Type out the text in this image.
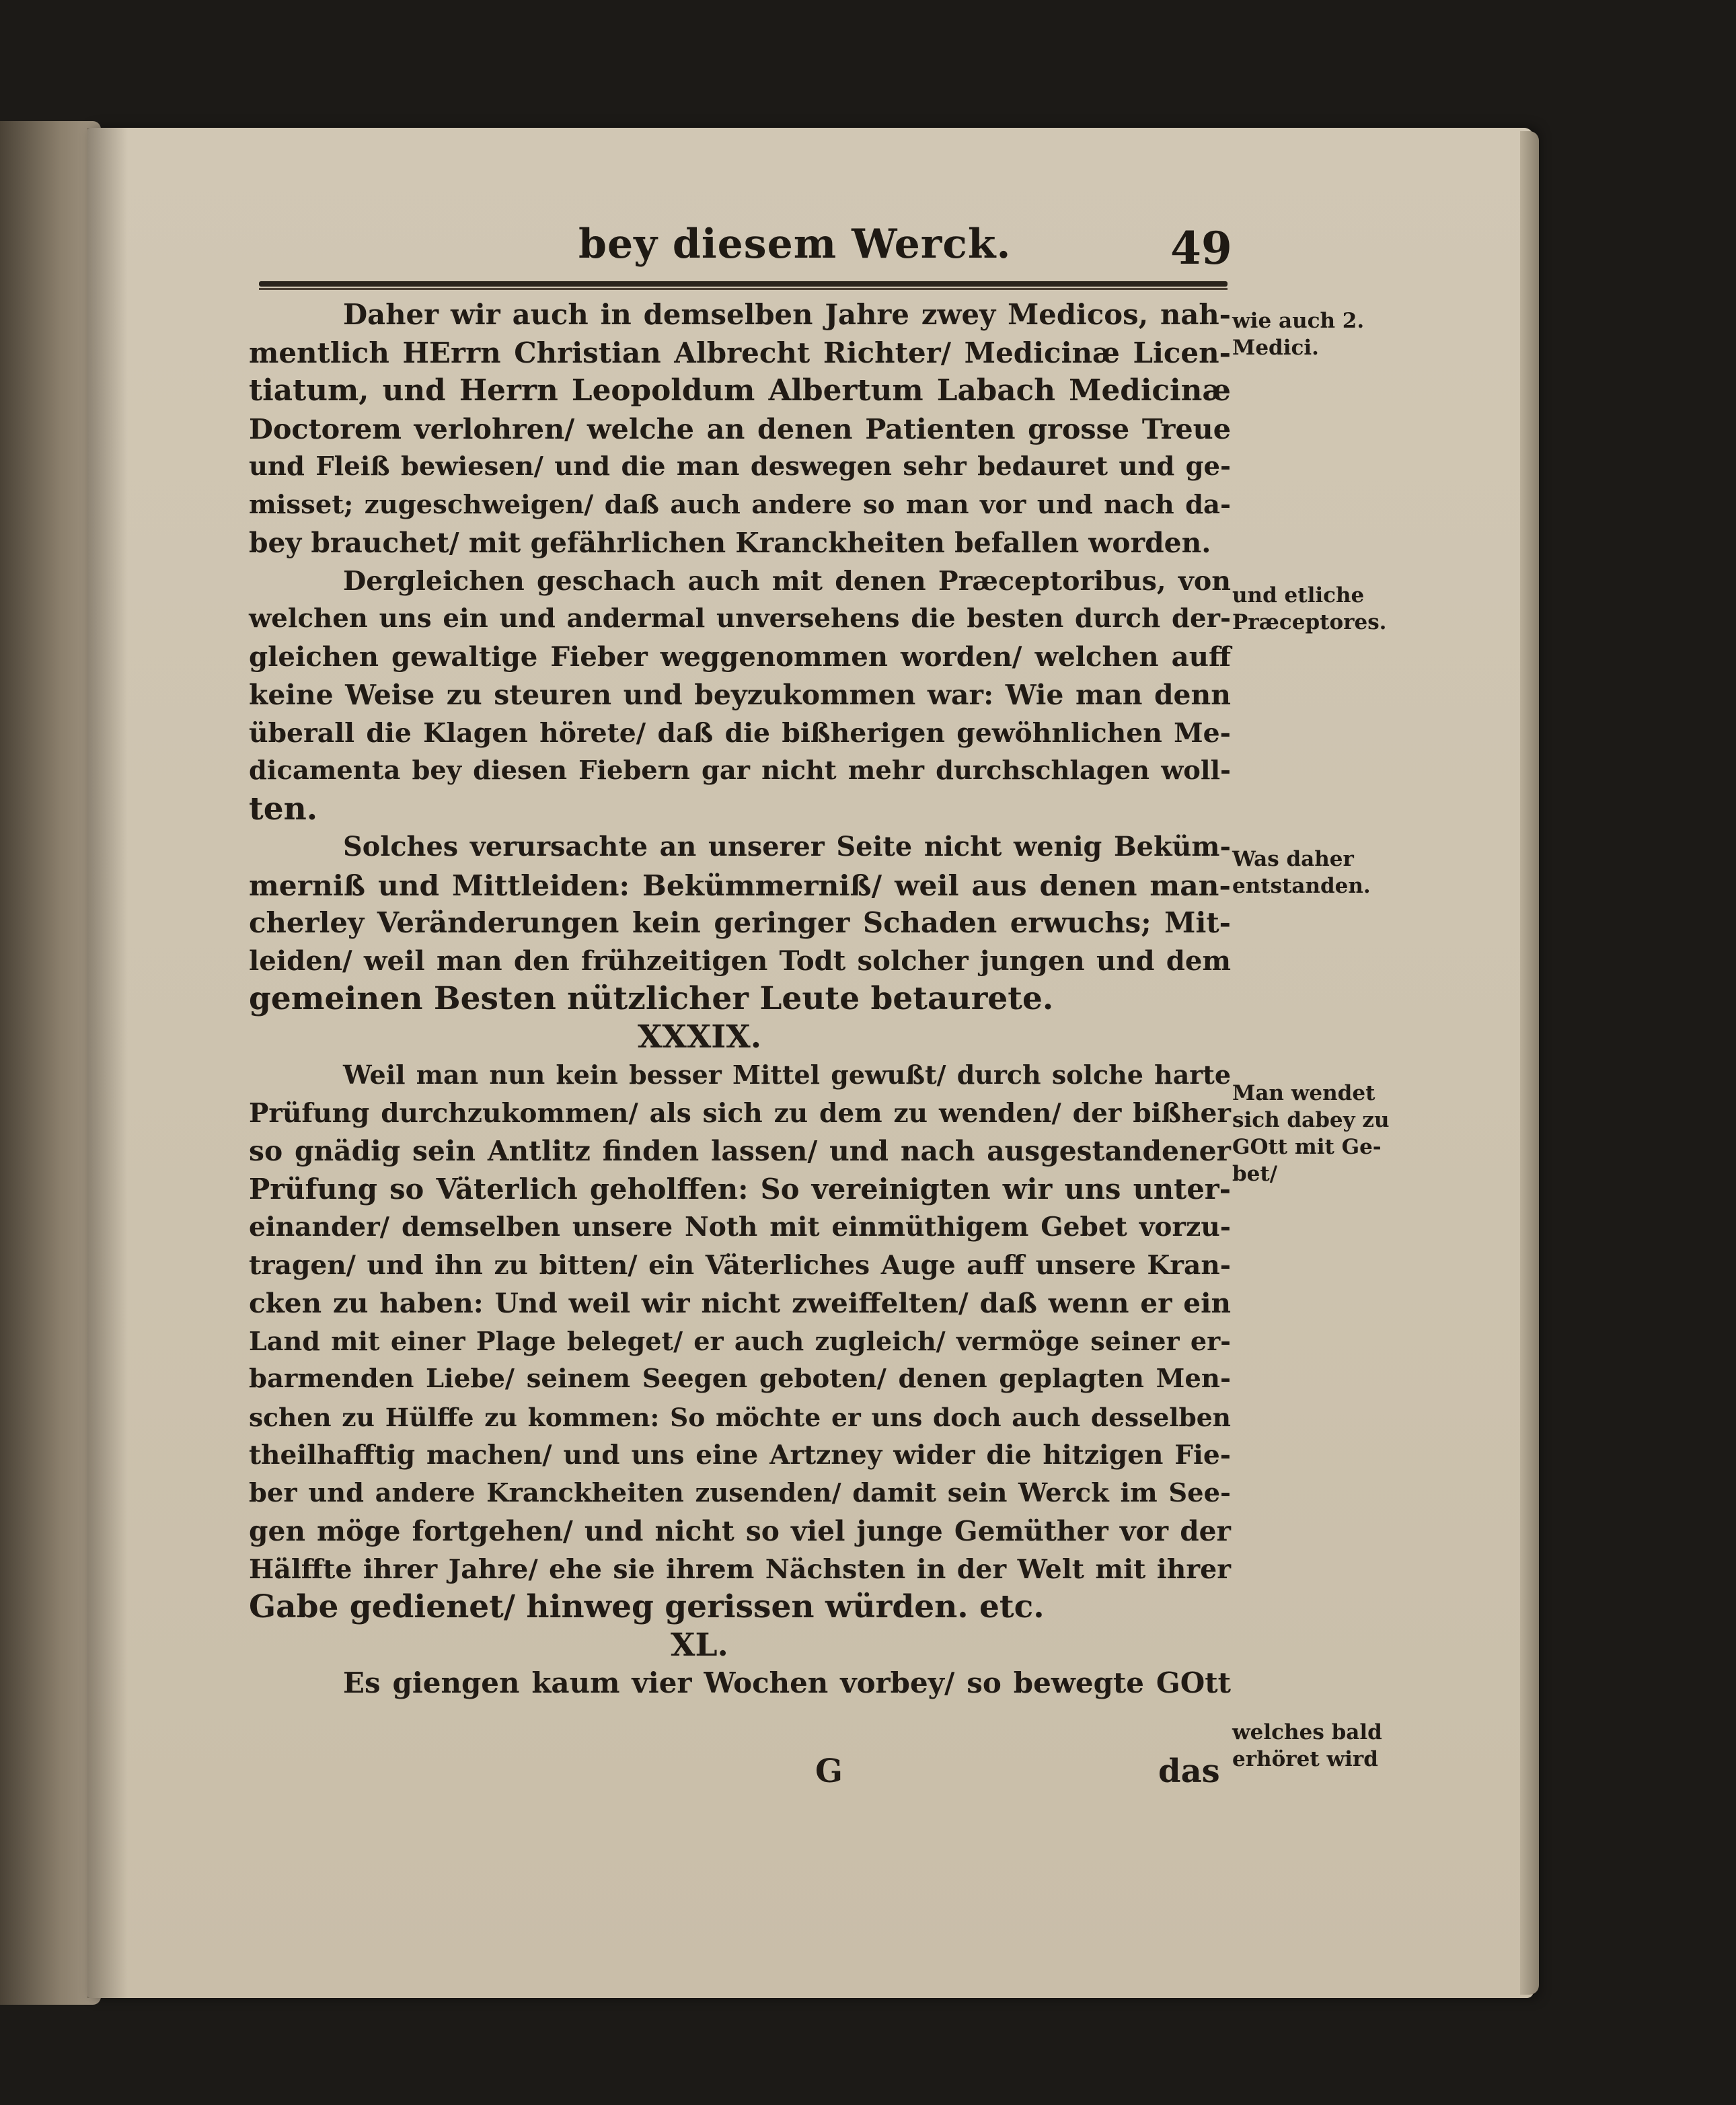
bey diesem Werck.	49
Daher wir auch in demselben Jahre zwey Medicos, nah-
mentlich HErrn Christian Albrecht Richter/ Medicinæ Licen-
tiatum, und Herrn Leopoldum Albertum Labach Medicinæ
Doctorem verlohren/ welche an denen Patienten grosse Treue
und Fleiß bewiesen/ und die man deswegen sehr bedauret und ge-
misset; zugeschweigen/ daß auch andere so man vor und nach da-
bey brauchet/ mit gefährlichen Kranckheiten befallen worden.
Dergleichen geschach auch mit denen Præceptoribus, von
welchen uns ein und andermal unversehens die besten durch der-
gleichen gewaltige Fieber weggenommen worden/ welchen auff
keine Weise zu steuren und beyzukommen war: Wie man denn
überall die Klagen hörete/ daß die bißherigen gewöhnlichen Me-
dicamenta bey diesen Fiebern gar nicht mehr durchschlagen woll-
ten.
Solches verursachte an unserer Seite nicht wenig Beküm-
merniß und Mittleiden: Bekümmerniß/ weil aus denen man-
cherley Veränderungen kein geringer Schaden erwuchs; Mit-
leiden/ weil man den frühzeitigen Todt solcher jungen und dem
gemeinen Besten nützlicher Leute betaurete.
XXXIX.
Weil man nun kein besser Mittel gewußt/ durch solche harte
Prüfung durchzukommen/ als sich zu dem zu wenden/ der bißher
so gnädig sein Antlitz finden lassen/ und nach ausgestandener
Prüfung so Väterlich geholffen: So vereinigten wir uns unter-
einander/ demselben unsere Noth mit einmüthigem Gebet vorzu-
tragen/ und ihn zu bitten/ ein Väterliches Auge auff unsere Kran-
cken zu haben: Und weil wir nicht zweiffelten/ daß wenn er ein
Land mit einer Plage beleget/ er auch zugleich/ vermöge seiner er-
barmenden Liebe/ seinem Seegen geboten/ denen geplagten Men-
schen zu Hülffe zu kommen: So möchte er uns doch auch desselben
theilhafftig machen/ und uns eine Artzney wider die hitzigen Fie-
ber und andere Kranckheiten zusenden/ damit sein Werck im See-
gen möge fortgehen/ und nicht so viel junge Gemüther vor der
Hälffte ihrer Jahre/ ehe sie ihrem Nächsten in der Welt mit ihrer
Gabe gedienet/ hinweg gerissen würden. etc.
XL.
Es giengen kaum vier Wochen vorbey/ so bewegte GOtt
G	das
wie auch 2.
Medici.
und etliche
Præceptores.
Was daher
entstanden.
Man wendet
sich dabey zu
GOtt mit Ge-
bet/
welches bald
erhöret wird
